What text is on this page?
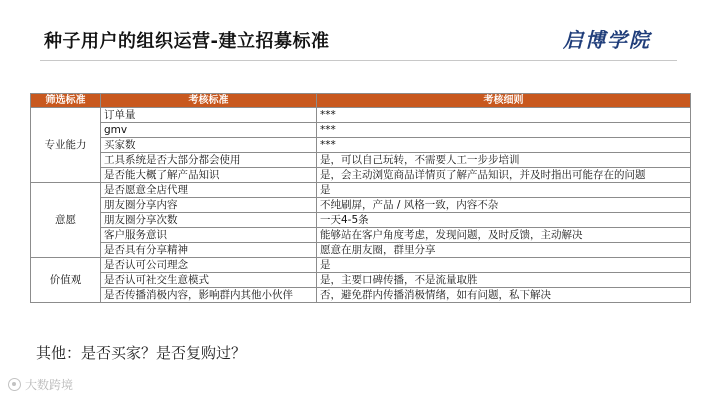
种子用户的组织运营-建立招募标准	启博学院
筛选标准	考核标准	考核细则
专业能力	订单量	***
	gmv	***
	买家数	***
	工具系统是否大部分都会使用	是，可以自己玩转，不需要人工一步步培训
	是否能大概了解产品知识	是，会主动浏览商品详情页了解产品知识，并及时指出可能存在的问题
意愿	是否愿意全店代理	是
	朋友圈分享内容	不纯刷屏，产品 / 风格一致，内容不杂
	朋友圈分享次数	一天4-5条
	客户服务意识	能够站在客户角度考虑，发现问题，及时反馈，主动解决
	是否具有分享精神	愿意在朋友圈，群里分享
价值观	是否认可公司理念	是
	是否认可社交生意模式	是，主要口碑传播，不是流量取胜
	是否传播消极内容，影响群内其他小伙伴	否，避免群内传播消极情绪，如有问题，私下解决
其他：是否买家？是否复购过？
大数跨境
